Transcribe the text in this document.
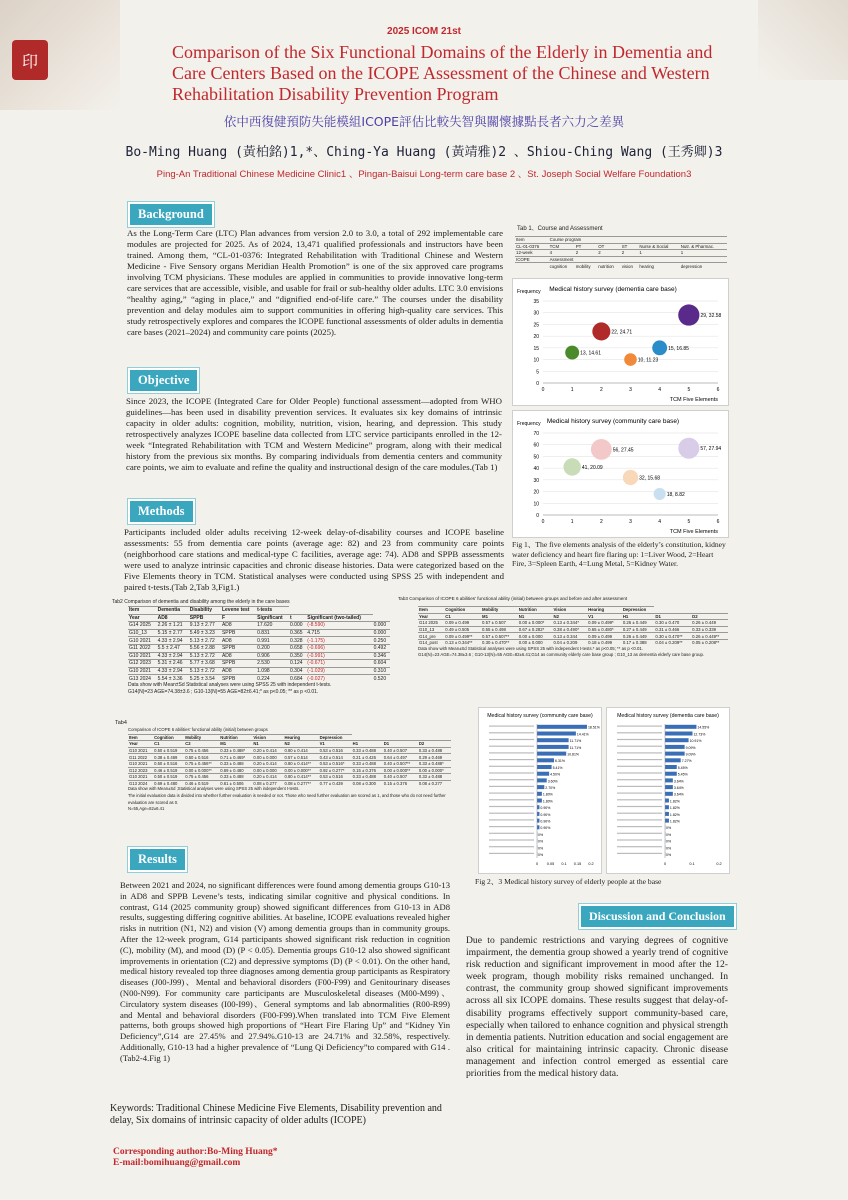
印
2025 ICOM 21st
Comparison of the Six Functional Domains of the Elderly in Dementia and Care Centers Based on the ICOPE Assessment of the Chinese and Western Rehabilitation Disability Prevention Program
依中西復健預防失能模組ICOPE評估比較失智與關懷據點長者六力之差異
Bo-Ming Huang (黃柏銘)1,*、Ching-Ya Huang (黃靖雅)2 、Shiou-Ching Wang (王秀卿)3
Ping-An Traditional Chinese Medicine Clinic1 、Pingan-Baisui Long-term care base 2 、St. Joseph Social Welfare Foundation3
Background
As the Long-Term Care (LTC) Plan advances from version 2.0 to 3.0, a total of 292 implementable care modules are projected for 2025. As of 2024, 13,471 qualified professionals and instructors have been trained. Among them, “CL-01-0376: Integrated Rehabilitation with Traditional Chinese and Western Medicine - Five Sensory organs Meridian Health Promotion” is one of the six approved care programs involving TCM physicians. These modules are applied in communities to provide innovative long-term care services that are accessible, visible, and usable for frail or sub-healthy older adults. LTC 3.0 envisions “healthy aging,” “aging in place,” and “dignified end-of-life care.” The courses under the disability prevention and delay modules aim to support communities in offering high-quality care services. This study retrospectively explores and compares the ICOPE functional assessments of older adults in dementia care bases (2021–2024) and community care points (2025).
Objective
Since 2023, the ICOPE (Integrated Care for Older People) functional assessment—adopted from WHO guidelines—has been used in disability prevention services. It evaluates six key domains of intrinsic capacity in older adults: cognition, mobility, nutrition, vision, hearing, and depression. This study retrospectively analyzes ICOPE baseline data collected from LTC service participants enrolled in the 12-week “Integrated Rehabilitation with TCM and Western Medicine” program, along with their medical history from the previous six months. By comparing individuals from dementia centers and community care points, we aim to evaluate and refine the quality and instructional design of the care modules.(Tab 1)
Methods
Participants included older adults receiving 12-week delay-of-disability courses and ICOPE baseline assessments: 55 from dementia care points (average age: 82) and 23 from community care points (neighborhood care stations and medical-type C facilities, average age: 74). AD8 and SPPB assessments were used to analyze intrinsic capacities and chronic disease histories. Data were categorized based on the Five Elements theory in TCM. Statistical analyses were conducted using SPSS 25 with independent and paired t-tests.(Tab 2,Tab 3,Fig1.)
Tab 1、Course and Assessment
Item	Course program					
CL-01-0376	TCM	PT	OT	ST	Nurse & Social	Nutr. & Pharmac.
12-week	4	2	2	2	1	1
ICOPE	Assessment					
	cognition	mobility	nutrition	vision	hearing	depression
Medical history survey (dementia care base)
Frequency
0
5
10
15
20
25
30
35
0	1	2	3	4	5	6
TCM Five Elements
13, 14.61
22, 24.71
10, 11.23
15, 16.85
29, 32.58
Medical history survey (community care base)
Frequency
0
10
20
30
40
50
60
70
0	1	2	3	4	5	6
TCM Five Elements
41, 20.09
56, 27.45
32, 15.68
18, 8.82
57, 27.94
Fig 1、The five elements analysis of the elderly’s constitution, kidney water deficiency and heart fire flaring up: 1=Liver Wood, 2=Heart Fire, 3=Spleen Earth, 4=Lung Metal, 5=Kidney Water.
Tab2 Comparison of dementia and disability among the elderly in the care bases
Item	Dementia	Disability	Levene test	t-tests			
Year	AD8	SPPB	F	Significant	t	Significant (two-tailed)	
G14 2025	2.26 ± 1.21	9.13 ± 2.77	AD8	17.620	0.000	(-8.590)	0.000
G10_13	5.15 ± 2.77	5.49 ± 3.23	SPPB	0.831	0.365	4.715	0.000
G10 2021	4.33 ± 2.94	5.13 ± 2.72	AD8	0.991	0.328	(-1.175)	0.250
G11 2022	5.5 ± 2.47	5.56 ± 2.88	SPPB	0.200	0.658	(-0.696)	0.492
G10 2021	4.33 ± 2.94	5.13 ± 2.72	AD8	0.906	0.350	(-0.991)	0.346
G12 2023	5.31 ± 2.46	5.77 ± 3.68	SPPB	2.530	0.124	(-0.671)	0.604
G10 2021	4.33 ± 2.94	5.13 ± 2.72	AD8	1.098	0.304	(-1.029)	0.310
G13 2024	5.54 ± 3.36	5.25 ± 3.54	SPPB	0.224	0.684	(-0.027)	0.520
Data show with Mean±Sd Statistical analyses were using SPSS 25 with independent t-tests.
G14(N)=23 AGE=74.38±3.6 ; G10-13(N)=55 AGE=82±6.41;* as p<0.05; ** as p <0.01.
Tab3 Comparison of ICOPE 6 abilities' functional ability (initial) between groups and before and after assessment
Item	Cognition	Mobility	Nutrition	Vision	Hearing	Depression		
Year	C1	M1	N1	N2	V1	H1	D1	D2
G14 2025	0.09 ± 0.499	0.57 ± 0.507	0.00 ± 0.000*	0.13 ± 0.344*	0.09 ± 0.499*	0.26 ± 0.449	0.30 ± 0.470	0.26 ± 0.449
G10_13	0.49 ± 0.505	0.55 ± 0.498	0.67 ± 0.282*	0.38 ± 0.490*	0.65 ± 0.480*	0.27 ± 0.449	0.31 ± 0.466	0.33 ± 0.339
G14_pre	0.09 ± 0.499**	0.57 ± 0.507**	0.00 ± 0.000	0.13 ± 0.344	0.09 ± 0.499	0.26 ± 0.449	0.30 ± 0.470**	0.26 ± 0.449**
G14_post	0.13 ± 0.344**	0.30 ± 0.470**	0.00 ± 0.000	0.04 ± 0.209	0.18 ± 0.499	0.17 ± 0.388	0.04 ± 0.209**	0.05 ± 0.208**
Data show with Mean±Sd Statistical analyses were using SPSS 25 with independent t-tests.* as p<0.05; ** as p <0.01.
G14(N)=23 AGE=74.38±3.6 ; G10-13(N)=55 AGE=82±6.41;G14 as community elderly care base group ; G10_13 as dementia elderly care base group.
Tab4
Comparison of ICOPE 6 abilities' functional ability (initial) between groups
Item	Cognition	Mobility	Nutrition	Vision	Hearing	Depression			
Year	C1	C2	M1	N1	N2	V1	H1	D1	D2
G10 2021	0.50 ± 0.519	0.75 ± 0.456	0.33 ± 0.488*	0.20 ± 0.414	0.80 ± 0.414	0.53 ± 0.516	0.33 ± 0.488	0.40 ± 0.507	0.33 ± 0.488
G11 2022	0.38 ± 0.469	0.50 ± 0.516	0.71 ± 0.469*	0.00 ± 0.000	0.57 ± 0.514	0.43 ± 0.514	0.21 ± 0.426	0.64 ± 0.497	0.29 ± 0.469
G10 2021	0.50 ± 0.516	0.75 ± 0.456**	0.33 ± 0.488	0.20 ± 0.414	0.80 ± 0.414**	0.53 ± 0.516*	0.33 ± 0.488	0.40 ± 0.507**	0.33 ± 0.488*
G12 2023	0.46 ± 0.519	0.00 ± 0.000**	0.69 ± 0.480	0.00 ± 0.000	0.00 ± 0.000**	0.92 ± 0.277*	0.15 ± 0.376	0.00 ± 0.000**	0.00 ± 0.000*
G10 2021	0.50 ± 0.519	0.75 ± 0.456	0.33 ± 0.488	0.20 ± 0.414	0.80 ± 0.414**	0.53 ± 0.516	0.33 ± 0.488	0.40 ± 0.507	0.33 ± 0.488
G13 2024	0.69 ± 0.480	0.46 ± 0.519	0.61 ± 0.506	0.08 ± 0.277	0.08 ± 0.277**	0.77 ± 0.439	0.08 ± 0.300	0.15 ± 0.376	0.08 ± 0.277
Data show with Mean±Sd ;Statistical analyses were using SPSS 25 with independent t-tests.
The initial evaluation data is divided into whether further evaluation is needed or not. Those who need further evaluation are scored as 1, and those who do not need further evaluation are scored as 0.
N=55,Age=82±6.41
Medical history survey (community care base)
18.51%
14.41%
11.71%
11.71%
10.81%
6.31%
5.41%
4.50%
3.60%
2.70%
1.80%
1.80%
0.90%
0.90%
0.90%
0.90%
0%
0%
0%
0%
0 0.05 0.1 0.15 0.2
Medical history survey (dementia care base)
14.55%
12.73%
10.91%
9.09%
9.09%
7.27%
5.45%
5.45%
3.64%
3.64%
3.64%
1.82%
1.82%
1.82%
1.82%
0%
0%
0%
0%
0%
0	0.1	0.2
Fig 2、3 Medical history survey of elderly people at the base
Results
Between 2021 and 2024, no significant differences were found among dementia groups G10-13 in AD8 and SPPB Levene’s tests, indicating similar cognitive and physical conditions. In contrast, G14 (2025 community group) showed significant differences from G10-13 in AD8 results, suggesting differing cognitive abilities. At baseline, ICOPE evaluations revealed higher risks in nutrition (N1, N2) and vision (V) among dementia groups than in community groups. After the 12-week program, G14 participants showed significant risk reduction in cognition (C), mobility (M), and mood (D) (P < 0.05). Dementia groups G10-12 also showed significant improvements in orientation (C2) and depressive symptoms (D) (P < 0.01). On the other hand, medical history revealed top three diagnoses among dementia group participants as Respiratory diseases (J00-J99)、Mental and behavioral disorders (F00-F99) and Genitourinary diseases (N00-N99). For community care participants are Musculoskeletal diseases (M00-M99)、Circulatory system diseases (I00-I99)、General symptoms and lab abnormalities (R00-R99) and Mental and behavioral disorders (F00-F99).When translated into TCM Five Element patterns, both groups showed high proportions of “Heart Fire Flaring Up” and “Kidney Yin Deficiency”,G14 are 27.45% and 27.94%.G10-13 are 24.71% and 32.58%, respectively. Additionally, G10-13 had a higher prevalence of “Lung Qi Deficiency”to compared with G14 . (Tab2-4.Fig 1)
Discussion and Conclusion
Due to pandemic restrictions and varying degrees of cognitive impairment, the dementia group showed a yearly trend of cognitive risk reduction and significant improvement in mood after the 12-week program, though mobility risks remained unchanged. In contrast, the community group showed significant improvements across all six ICOPE domains. These results suggest that delay-of-disability programs effectively support community-based care, especially when tailored to enhance cognition and physical strength in dementia patients. Nutrition education and social engagement are also critical for maintaining intrinsic capacity. Chronic disease management and infection control emerged as essential care priorities from the medical history data.
Keywords: Traditional Chinese Medicine Five Elements, Disability prevention and delay, Six domains of intrinsic capacity of older adults (ICOPE)
Corresponding author:Bo-Ming Huang*
E-mail:bomihuang@gmail.com
